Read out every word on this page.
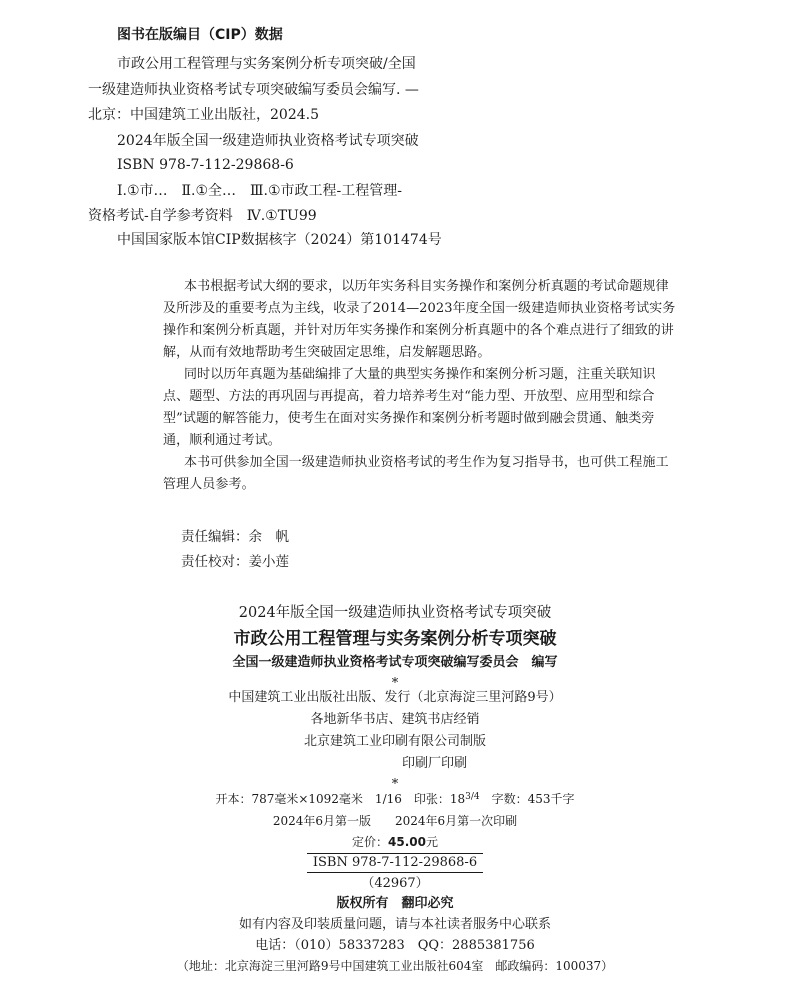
图书在版编目（CIP）数据
市政公用工程管理与实务案例分析专项突破/全国
一级建造师执业资格考试专项突破编写委员会编写. —
北京：中国建筑工业出版社，2024.5
2024年版全国一级建造师执业资格考试专项突破
ISBN 978-7-112-29868-6
Ⅰ.①市…　Ⅱ.①全…　Ⅲ.①市政工程-工程管理-
资格考试-自学参考资料　Ⅳ.①TU99
中国国家版本馆CIP数据核字（2024）第101474号
本书根据考试大纲的要求，以历年实务科目实务操作和案例分析真题的考试命题规律
及所涉及的重要考点为主线，收录了2014—2023年度全国一级建造师执业资格考试实务
操作和案例分析真题，并针对历年实务操作和案例分析真题中的各个难点进行了细致的讲
解，从而有效地帮助考生突破固定思维，启发解题思路。
同时以历年真题为基础编排了大量的典型实务操作和案例分析习题，注重关联知识
点、题型、方法的再巩固与再提高，着力培养考生对“能力型、开放型、应用型和综合
型”试题的解答能力，使考生在面对实务操作和案例分析考题时做到融会贯通、触类旁
通，顺利通过考试。
本书可供参加全国一级建造师执业资格考试的考生作为复习指导书，也可供工程施工
管理人员参考。
责任编辑：余　帆
责任校对：姜小莲
2024年版全国一级建造师执业资格考试专项突破
市政公用工程管理与实务案例分析专项突破
全国一级建造师执业资格考试专项突破编写委员会　编写
*
中国建筑工业出版社出版、发行（北京海淀三里河路9号）
各地新华书店、建筑书店经销
北京建筑工业印刷有限公司制版
印刷厂印刷
*
开本：787毫米×1092毫米　1/16　印张：$18^{3/4}$　字数：453千字
2024年6月第一版　　2024年6月第一次印刷
定价：45.00元
ISBN 978-7-112-29868-6
（42967）
版权所有　翻印必究
如有内容及印装质量问题，请与本社读者服务中心联系
电话：（010）58337283　QQ：2885381756
（地址：北京海淀三里河路9号中国建筑工业出版社604室　邮政编码：100037）
